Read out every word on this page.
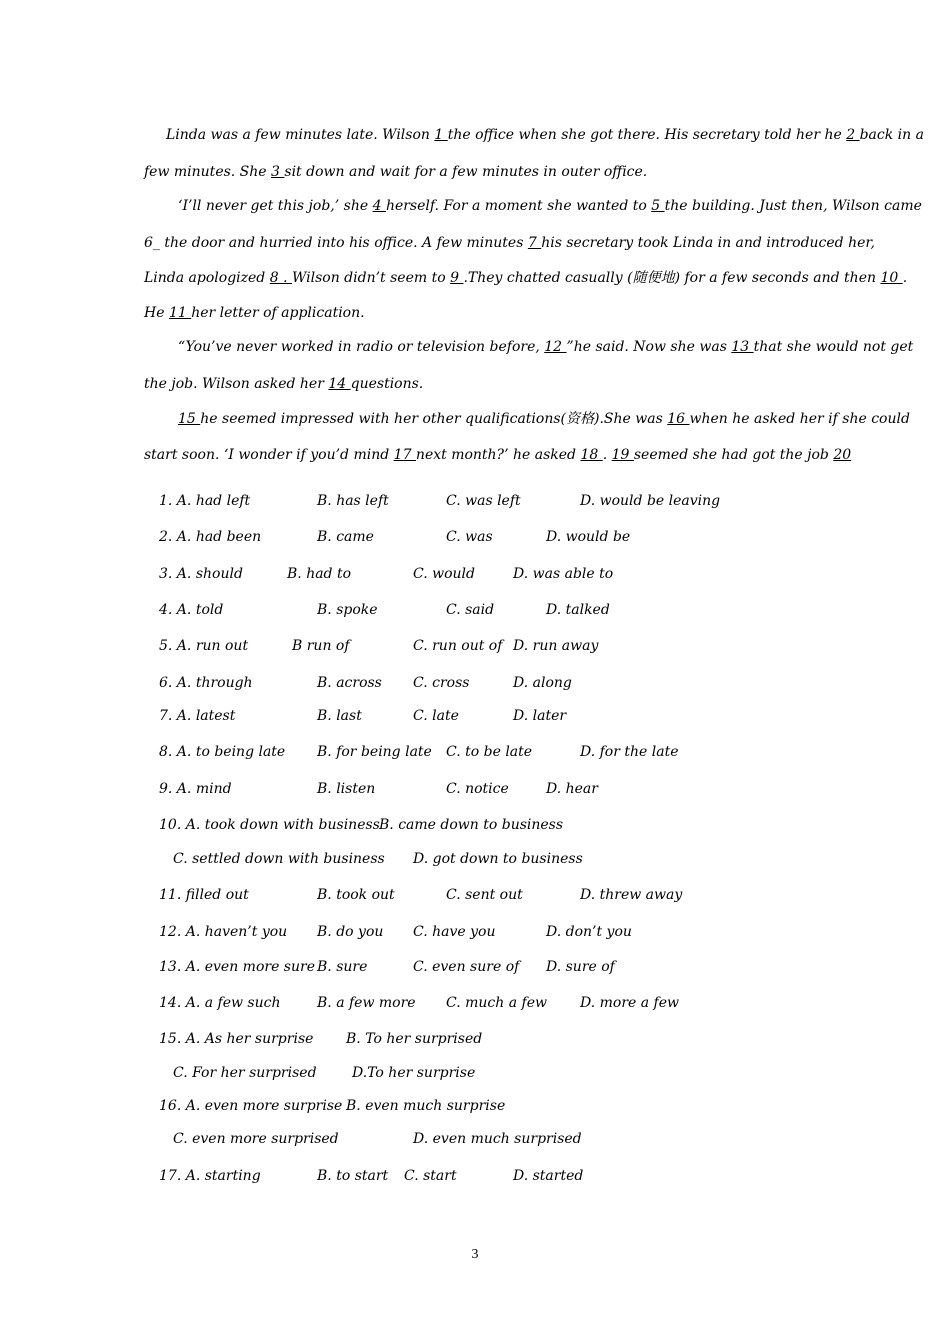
Linda was a few minutes late. Wilson 1 the office when she got there. His secretary told her he 2 back in a
few minutes. She 3 sit down and wait for a few minutes in outer office.
‘I’ll never get this job,’ she 4 herself. For a moment she wanted to 5 the building. Just then, Wilson came
6_ the door and hurried into his office. A few minutes 7 his secretary took Linda in and introduced her,
Linda apologized 8 . Wilson didn’t seem to 9 .They chatted casually (随便地) for a few seconds and then 10 .
He 11 her letter of application.
“You’ve never worked in radio or television before, 12 ”he said. Now she was 13 that she would not get
the job. Wilson asked her 14 questions.
15 he seemed impressed with her other qualifications(资格).She was 16 when he asked her if she could
start soon. ‘I wonder if you’d mind 17 next month?’ he asked 18 . 19 seemed she had got the job 20
1. A. had left	B. has left	C. was left	D. would be leaving
2. A. had been	B. came	C. was	D. would be
3. A. should	B. had to	C. would	D. was able to
4. A. told	B. spoke	C. said	D. talked
5. A. run out	B run of	C. run out of D. run away
6. A. through	B. across C. cross	D. along
7. A. latest	B. last	C. late	D. later
8. A. to being late B. for being late C. to be late	D. for the late
9. A. mind	B. listen	C. notice	D. hear
10. A. took down with business B. came down to business
C. settled down with business D. got down to business
11. filled out	B. took out	C. sent out	D. threw away
12. A. haven’t you B. do you C. have you	D. don’t you
13. A. even more sure B. sure	C. even sure of D. sure of
14. A. a few such	B. a few more C. much a few D. more a few
15. A. As her surprise B. To her surprised
C. For her surprised	D.To her surprise
16. A. even more surprise B. even much surprise
C. even more surprised	D. even much surprised
17. A. starting	B. to start C. start	D. started
3
